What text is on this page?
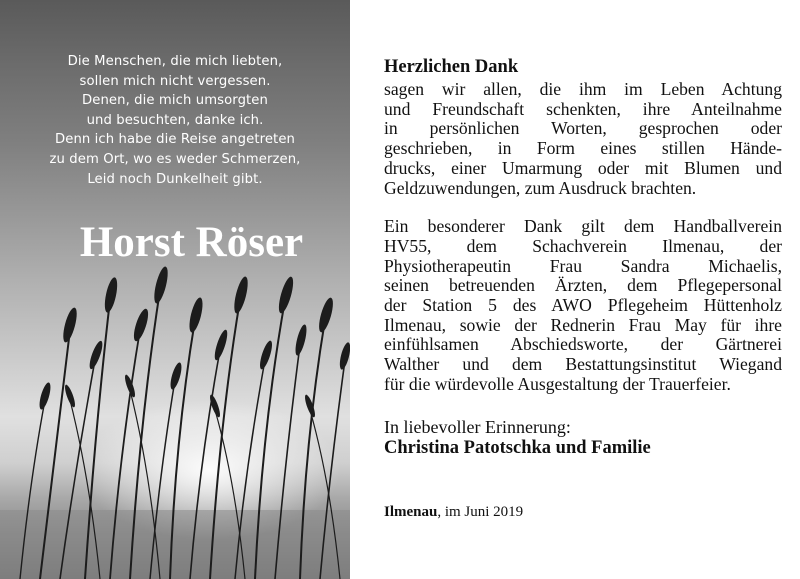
Die Menschen, die mich liebten,
sollen mich nicht vergessen.
Denen, die mich umsorgten
und besuchten, danke ich.
Denn ich habe die Reise angetreten
zu dem Ort, wo es weder Schmerzen,
Leid noch Dunkelheit gibt.
Horst Röser
Herzlichen Dank
sagen wir allen, die ihm im Leben Achtung
und Freundschaft schenkten, ihre Anteilnahme
in persönlichen Worten, gesprochen oder
geschrieben, in Form eines stillen Hände-
drucks, einer Umarmung oder mit Blumen und
Geldzuwendungen, zum Ausdruck brachten.
Ein besonderer Dank gilt dem Handballverein
HV55, dem Schachverein Ilmenau, der
Physiotherapeutin Frau Sandra Michaelis,
seinen betreuenden Ärzten, dem Pflegepersonal
der Station 5 des AWO Pflegeheim Hüttenholz
Ilmenau, sowie der Rednerin Frau May für ihre
einfühlsamen Abschiedsworte, der Gärtnerei
Walther und dem Bestattungsinstitut Wiegand
für die würdevolle Ausgestaltung der Trauerfeier.
In liebevoller Erinnerung:
Christina Patotschka und Familie
Ilmenau, im Juni 2019
